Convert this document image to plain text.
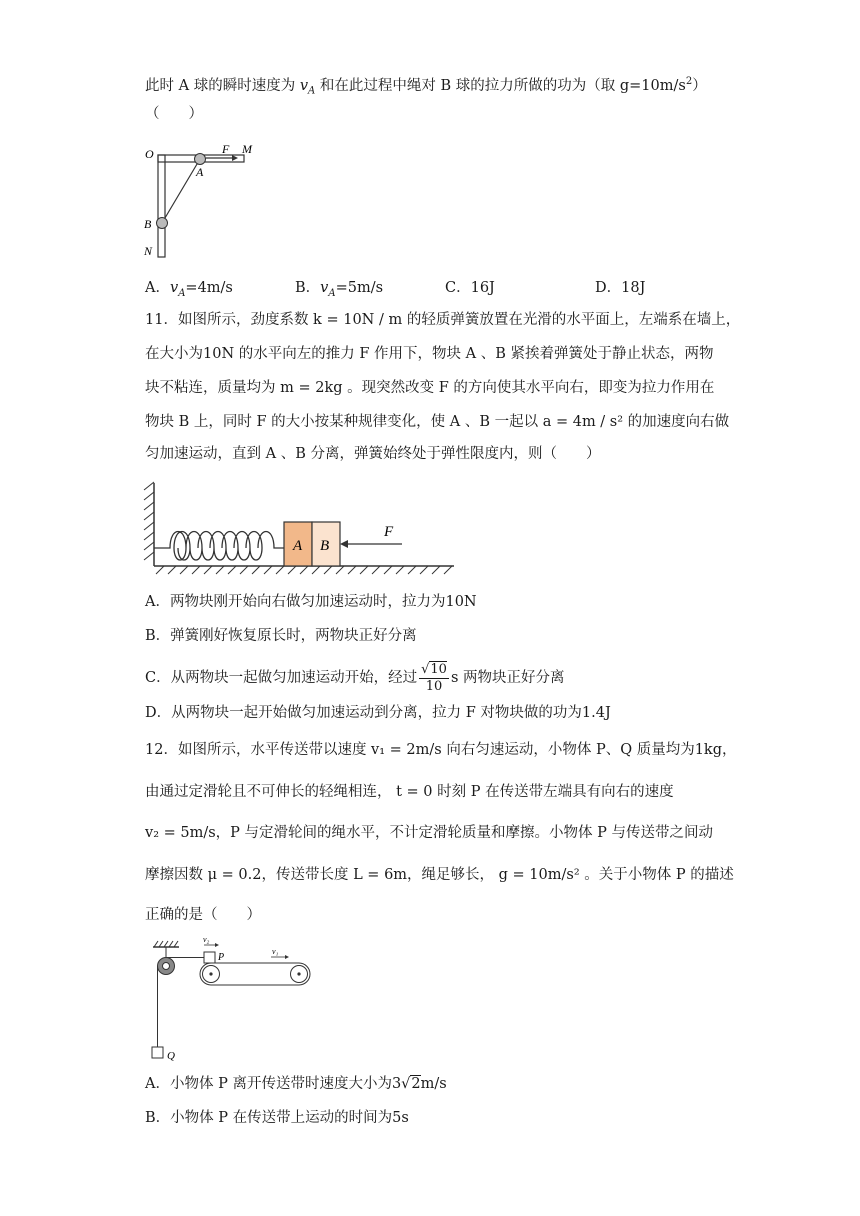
此时 A 球的瞬时速度为 $v_A$ 和在此过程中绳对 B 球的拉力所做的功为（取 $g=10m/s^2$）
（　　）
O	F M
A
B
N
A．$v_A=4m/s$	B．$v_A=5m/s$	C．16J	D．18J
11．如图所示，劲度系数 k = 10N / m 的轻质弹簧放置在光滑的水平面上，左端系在墙上，
在大小为10N 的水平向左的推力 F 作用下，物块 A 、B 紧挨着弹簧处于静止状态，两物
块不粘连，质量均为 m = 2kg 。现突然改变 F 的方向使其水平向右，即变为拉力作用在
物块 B 上，同时 F 的大小按某种规律变化，使 A 、B 一起以 a = 4m / s² 的加速度向右做
匀加速运动，直到 A 、B 分离，弹簧始终处于弹性限度内，则（　　）
A B
F
A．两物块刚开始向右做匀加速运动时，拉力为10N
B．弹簧刚好恢复原长时，两物块正好分离
C．从两物块一起做匀加速运动开始，经过 $\frac{√10}{10}$ s 两物块正好分离
D．从两物块一起开始做匀加速运动到分离，拉力 F 对物块做的功为1.4J
12．如图所示，水平传送带以速度 v₁ = 2m/s 向右匀速运动，小物体 P、Q 质量均为1kg，
由通过定滑轮且不可伸长的轻绳相连， t = 0 时刻 P 在传送带左端具有向右的速度
v₂ = 5m/s，P 与定滑轮间的绳水平，不计定滑轮质量和摩擦。小物体 P 与传送带之间动
摩擦因数 μ = 0.2，传送带长度 L = 6m，绳足够长， g = 10m/s² 。关于小物体 P 的描述
正确的是（　　）
Q
P
v₂
v₁
A．小物体 P 离开传送带时速度大小为3√2m/s
B．小物体 P 在传送带上运动的时间为5s
